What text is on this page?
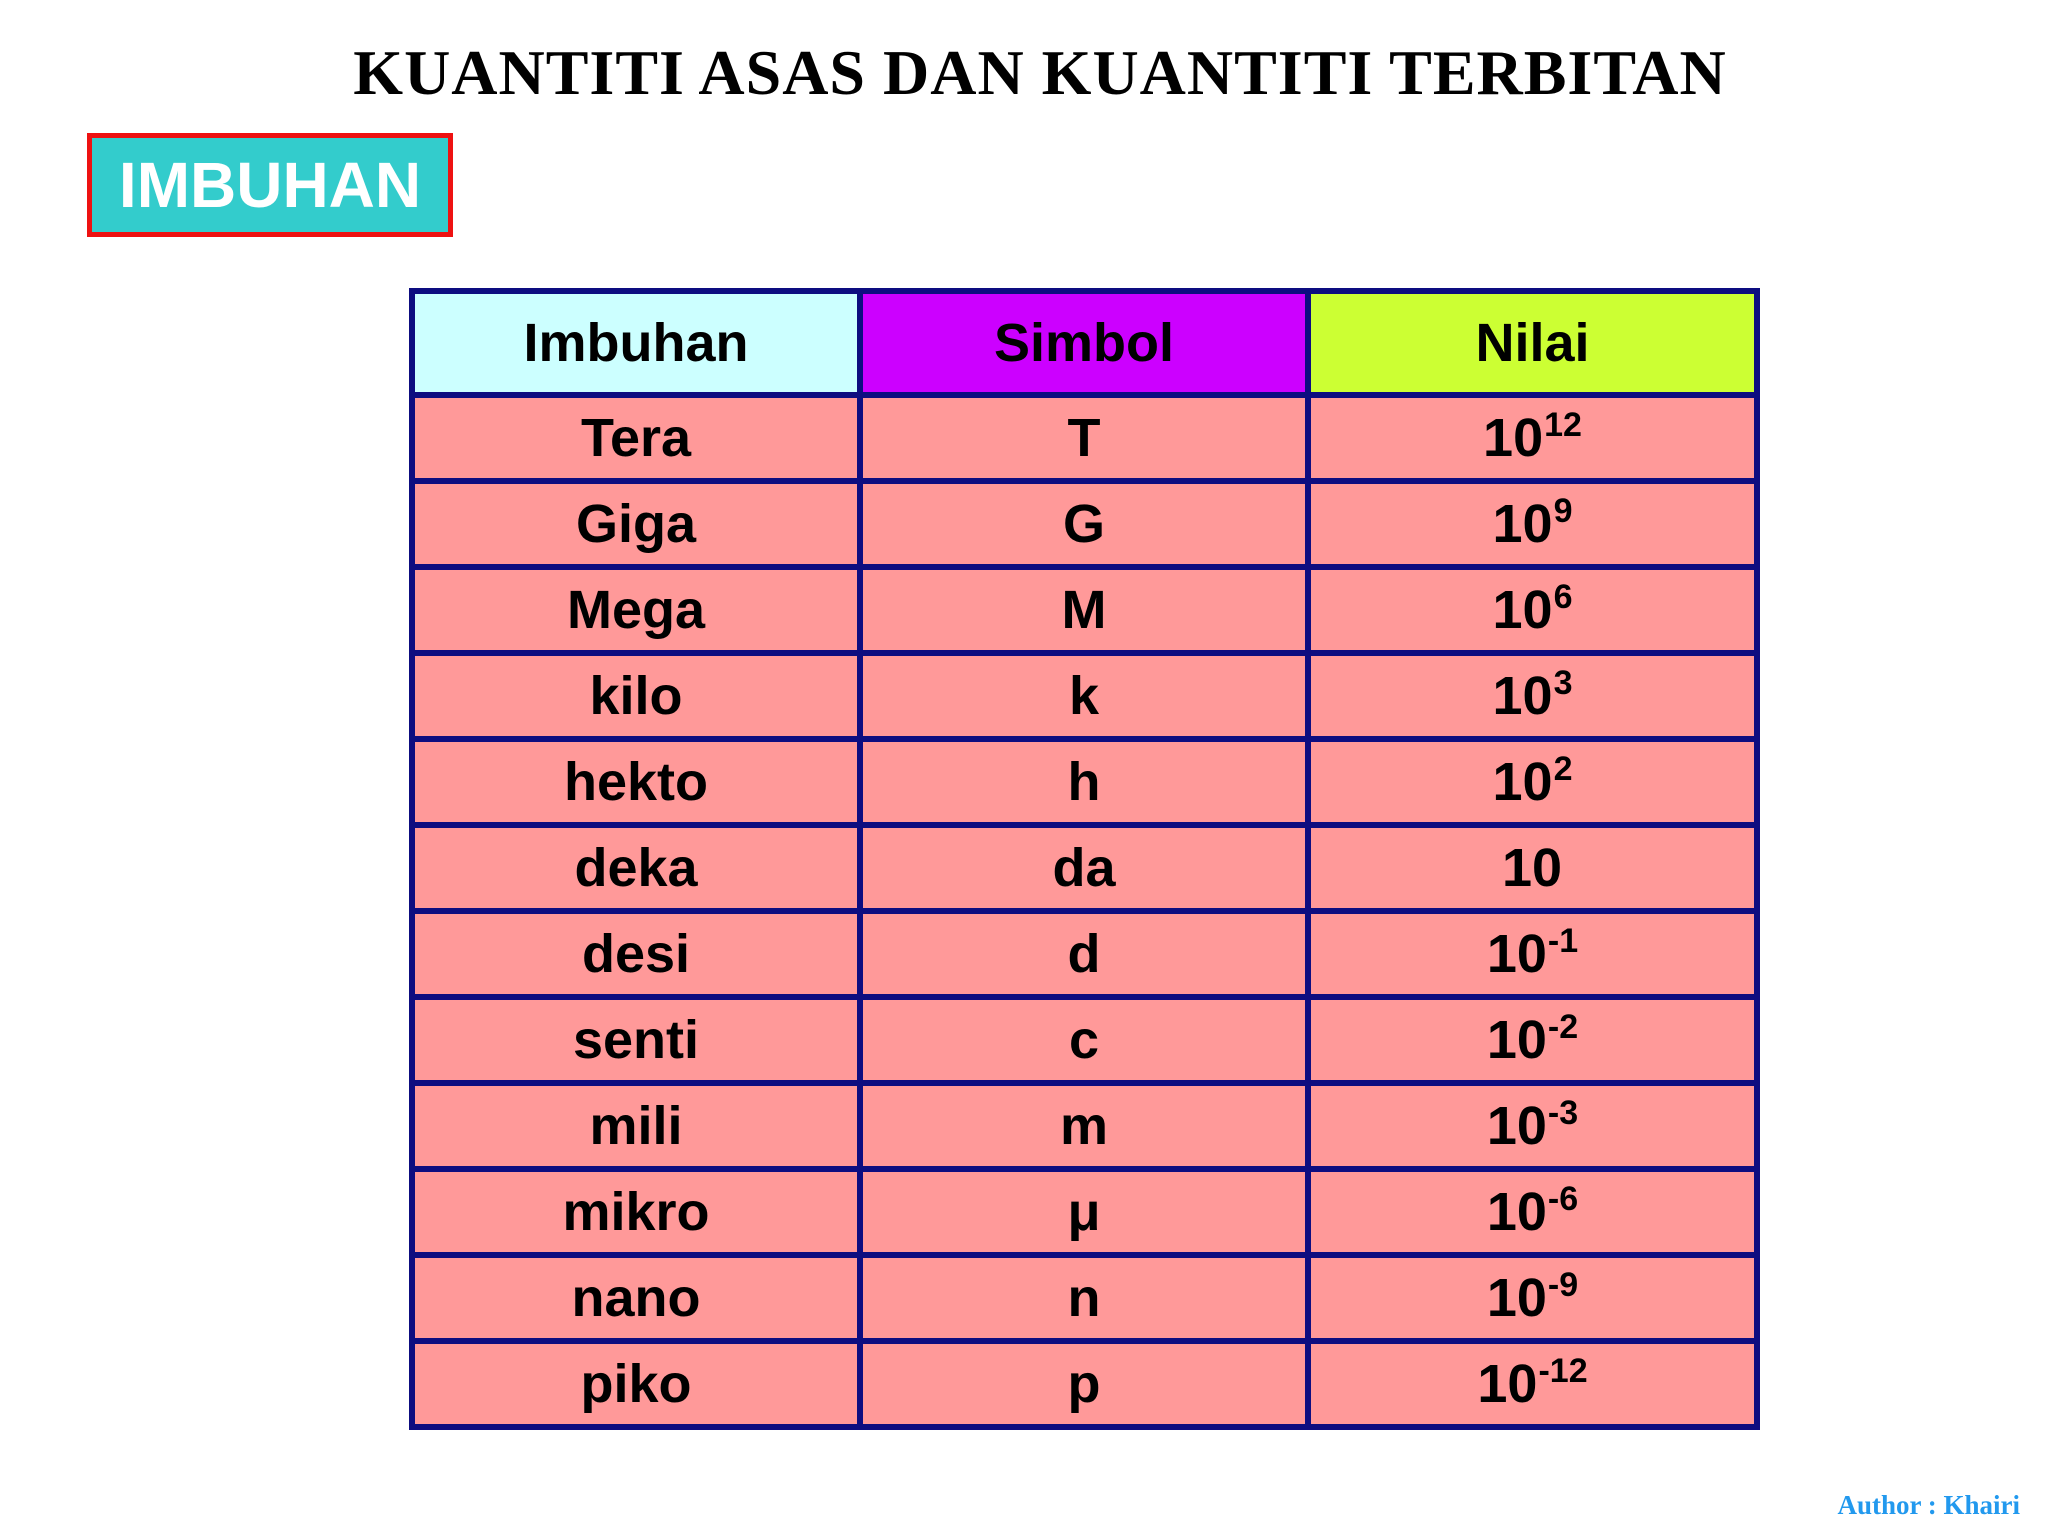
KUANTITI ASAS DAN KUANTITI TERBITAN
IMBUHAN
Imbuhan	Simbol	Nilai
Tera	T	$10^{12}$
Giga	G	$10^9$
Mega	M	$10^6$
kilo	k	$10^3$
hekto	h	$10^2$
deka	da	10
desi	d	$10^{-1}$
senti	c	$10^{-2}$
mili	m	$10^{-3}$
mikro	μ	$10^{-6}$
nano	n	$10^{-9}$
piko	p	$10^{-12}$
Author : Khairi
